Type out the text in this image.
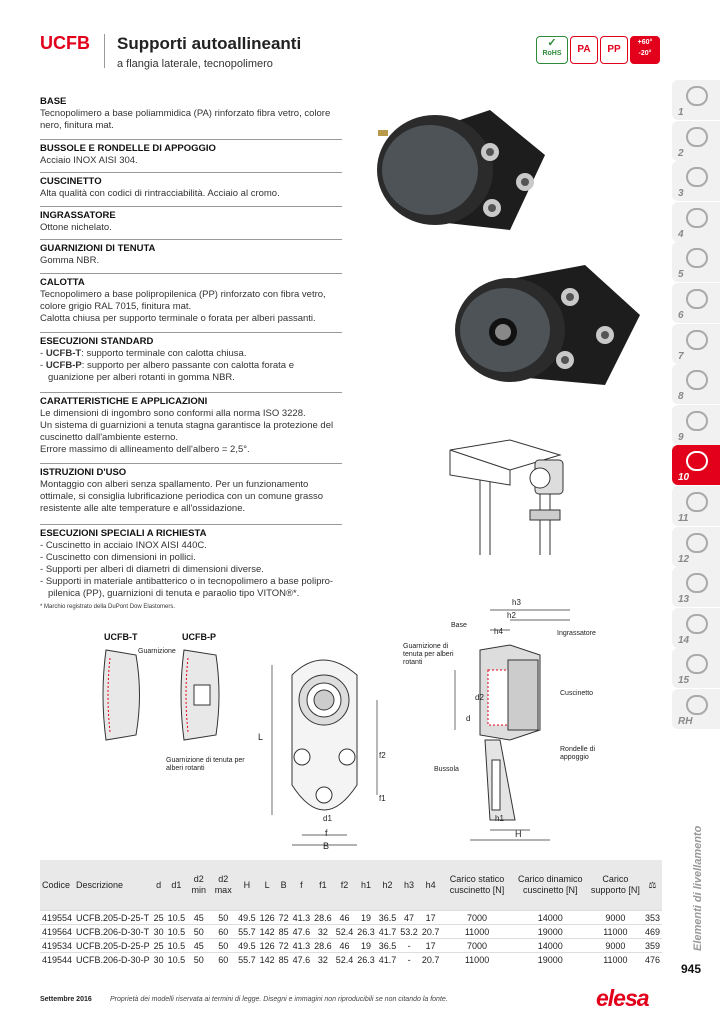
UCFB Supporti autoallineanti
a flangia laterale, tecnopolimero
✓
RoHS	PA	PP
+60°
-20°
BASE

Tecnopolimero a base poliammidica (PA) rinforzato fibra vetro, colore nero, finitura mat.

BUSSOLE E RONDELLE DI APPOGGIO

Acciaio INOX AISI 304.

CUSCINETTO

Alta qualità con codici di rintracciabilità. Acciaio al cromo.

INGRASSATORE

Ottone nichelato.

GUARNIZIONI DI TENUTA

Gomma NBR.

CALOTTA

Tecnopolimero a base polipropilenica (PP) rinforzato con fibra vetro, colore grigio RAL 7015, finitura mat.

Calotta chiusa per supporto terminale o forata per alberi passanti.

ESECUZIONI STANDARD
- UCFB-T: supporto terminale con calotta chiusa.
- UCFB-P: supporto per albero passante con calotta forata e guanizione per alberi rotanti in gomma NBR.
CARATTERISTICHE E APPLICAZIONI

Le dimensioni di ingombro sono conformi alla norma ISO 3228.

Un sistema di guarnizioni a tenuta stagna garantisce la protezione del cuscinetto dall'ambiente esterno.

Errore massimo di allineamento dell'albero = 2,5°.

ISTRUZIONI D'USO

Montaggio con alberi senza spallamento. Per un funzionamento ottimale, si consiglia lubrificazione periodica con un comune grasso resistente alle alte temperature e all'ossidazione.

ESECUZIONI SPECIALI A RICHIESTA
- Cuscinetto in acciaio INOX AISI 440C.
- Cuscinetto con dimensioni in pollici.
- Supporti per alberi di diametri di dimensioni diverse.
- Supporti in materiale antibatterico o in tecnopolimero a base polipro-pilenica (PP), guarnizioni di tenuta e paraolio tipo VITON®*.
* Marchio registrato della DuPont Dow Elastomers.
UCFB-T	UCFB-P
Guarnizione
Guarnizione di tenuta per alberi rotanti
L
f2
f1
d1
f
B
h3
h2
h4
d2
d
h1
H
Base
Ingrassatore
Guarnizione di tenuta per alberi rotanti
Cuscinetto
Rondelle di appoggio
Bussola
1
2
3
4
5
6
7
8
9
10
11
12
13
14
15
RH
Elementi di livellamento
945
Codice	Descrizione	d	d1	d2 min	d2 max	H	L	B	f	f1	f2	h1	h2	h3	h4	Carico statico cuscinetto [N]	Carico dinamico cuscinetto [N]	Carico supporto [N]	⚖
419554	UCFB.205-D-25-T	25	10.5	45	50	49.5	126	72	41.3	28.6	46	19	36.5	47	17	7000	14000	9000	353
419564	UCFB.206-D-30-T	30	10.5	50	60	55.7	142	85	47.6	32	52.4	26.3	41.7	53.2	20.7	11000	19000	11000	469
419534	UCFB.205-D-25-P	25	10.5	45	50	49.5	126	72	41.3	28.6	46	19	36.5	-	17	7000	14000	9000	359
419544	UCFB.206-D-30-P	30	10.5	50	60	55.7	142	85	47.6	32	52.4	26.3	41.7	-	20.7	11000	19000	11000	476
Settembre 2016	Proprietà dei modelli riservata ai termini di legge. Disegni e immagini non riproducibili se non citando la fonte.	elesa
